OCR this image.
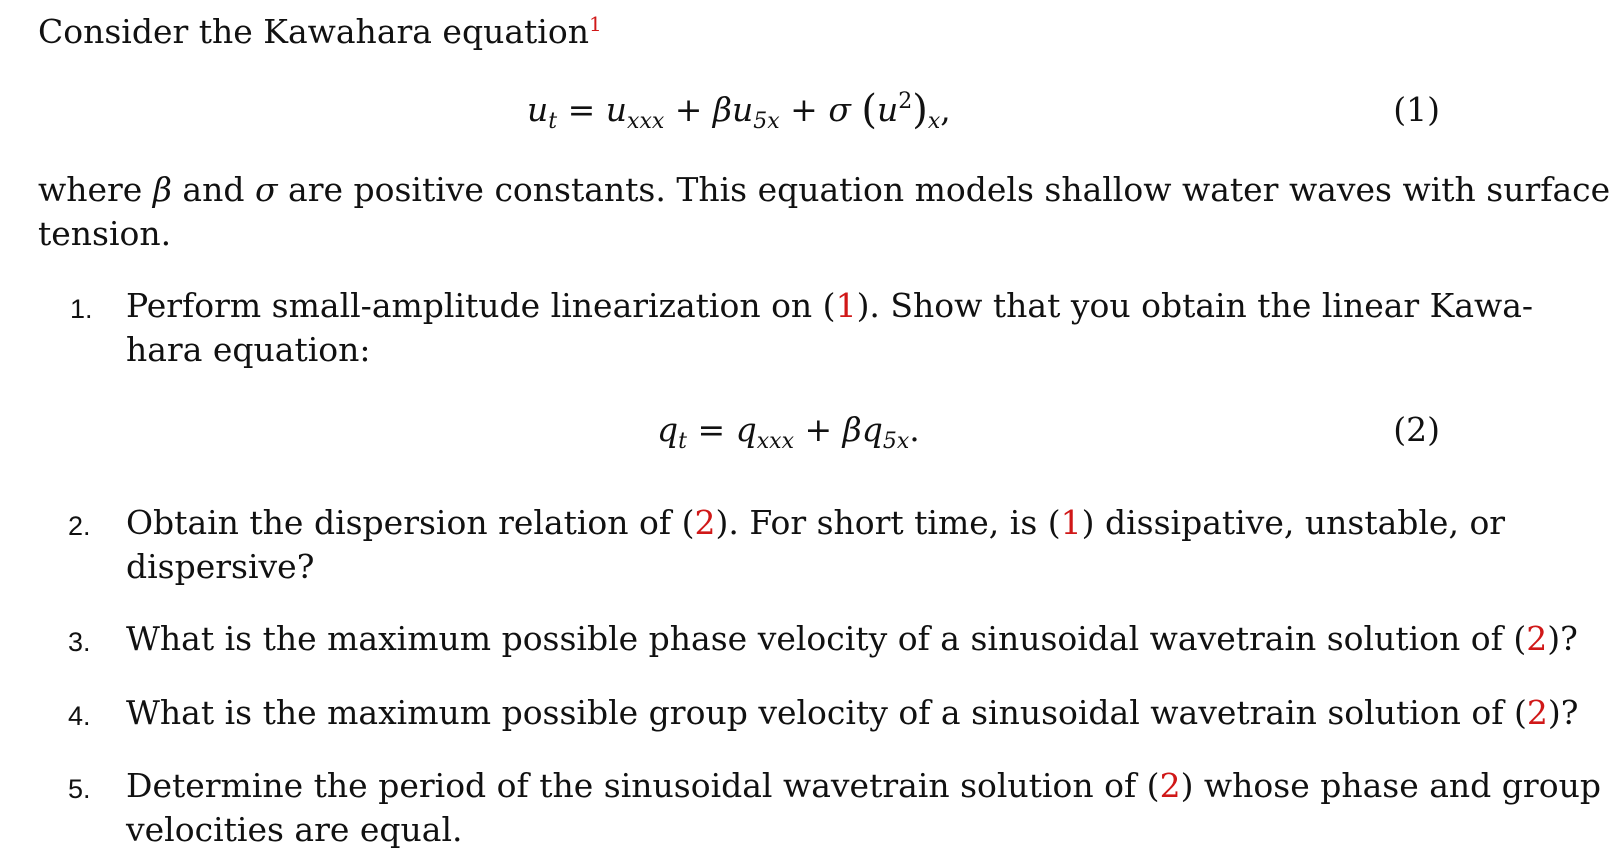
Consider the Kawahara equation$^1$
$u_t = u_{xxx} + \beta u_{5x} + \sigma$ $(u^2)_x$,	(1)
where β and σ are positive constants. This equation models shallow water waves with surface
tension.
1. Perform small-amplitude linearization on (1). Show that you obtain the linear Kawa-
hara equation:
$q_t = q_{xxx} + \beta q_{5x}$.	(2)
2. Obtain the dispersion relation of (2). For short time, is (1) dissipative, unstable, or
dispersive?
3. What is the maximum possible phase velocity of a sinusoidal wavetrain solution of (2)?
4. What is the maximum possible group velocity of a sinusoidal wavetrain solution of (2)?
5. Determine the period of the sinusoidal wavetrain solution of (2) whose phase and group
velocities are equal.
